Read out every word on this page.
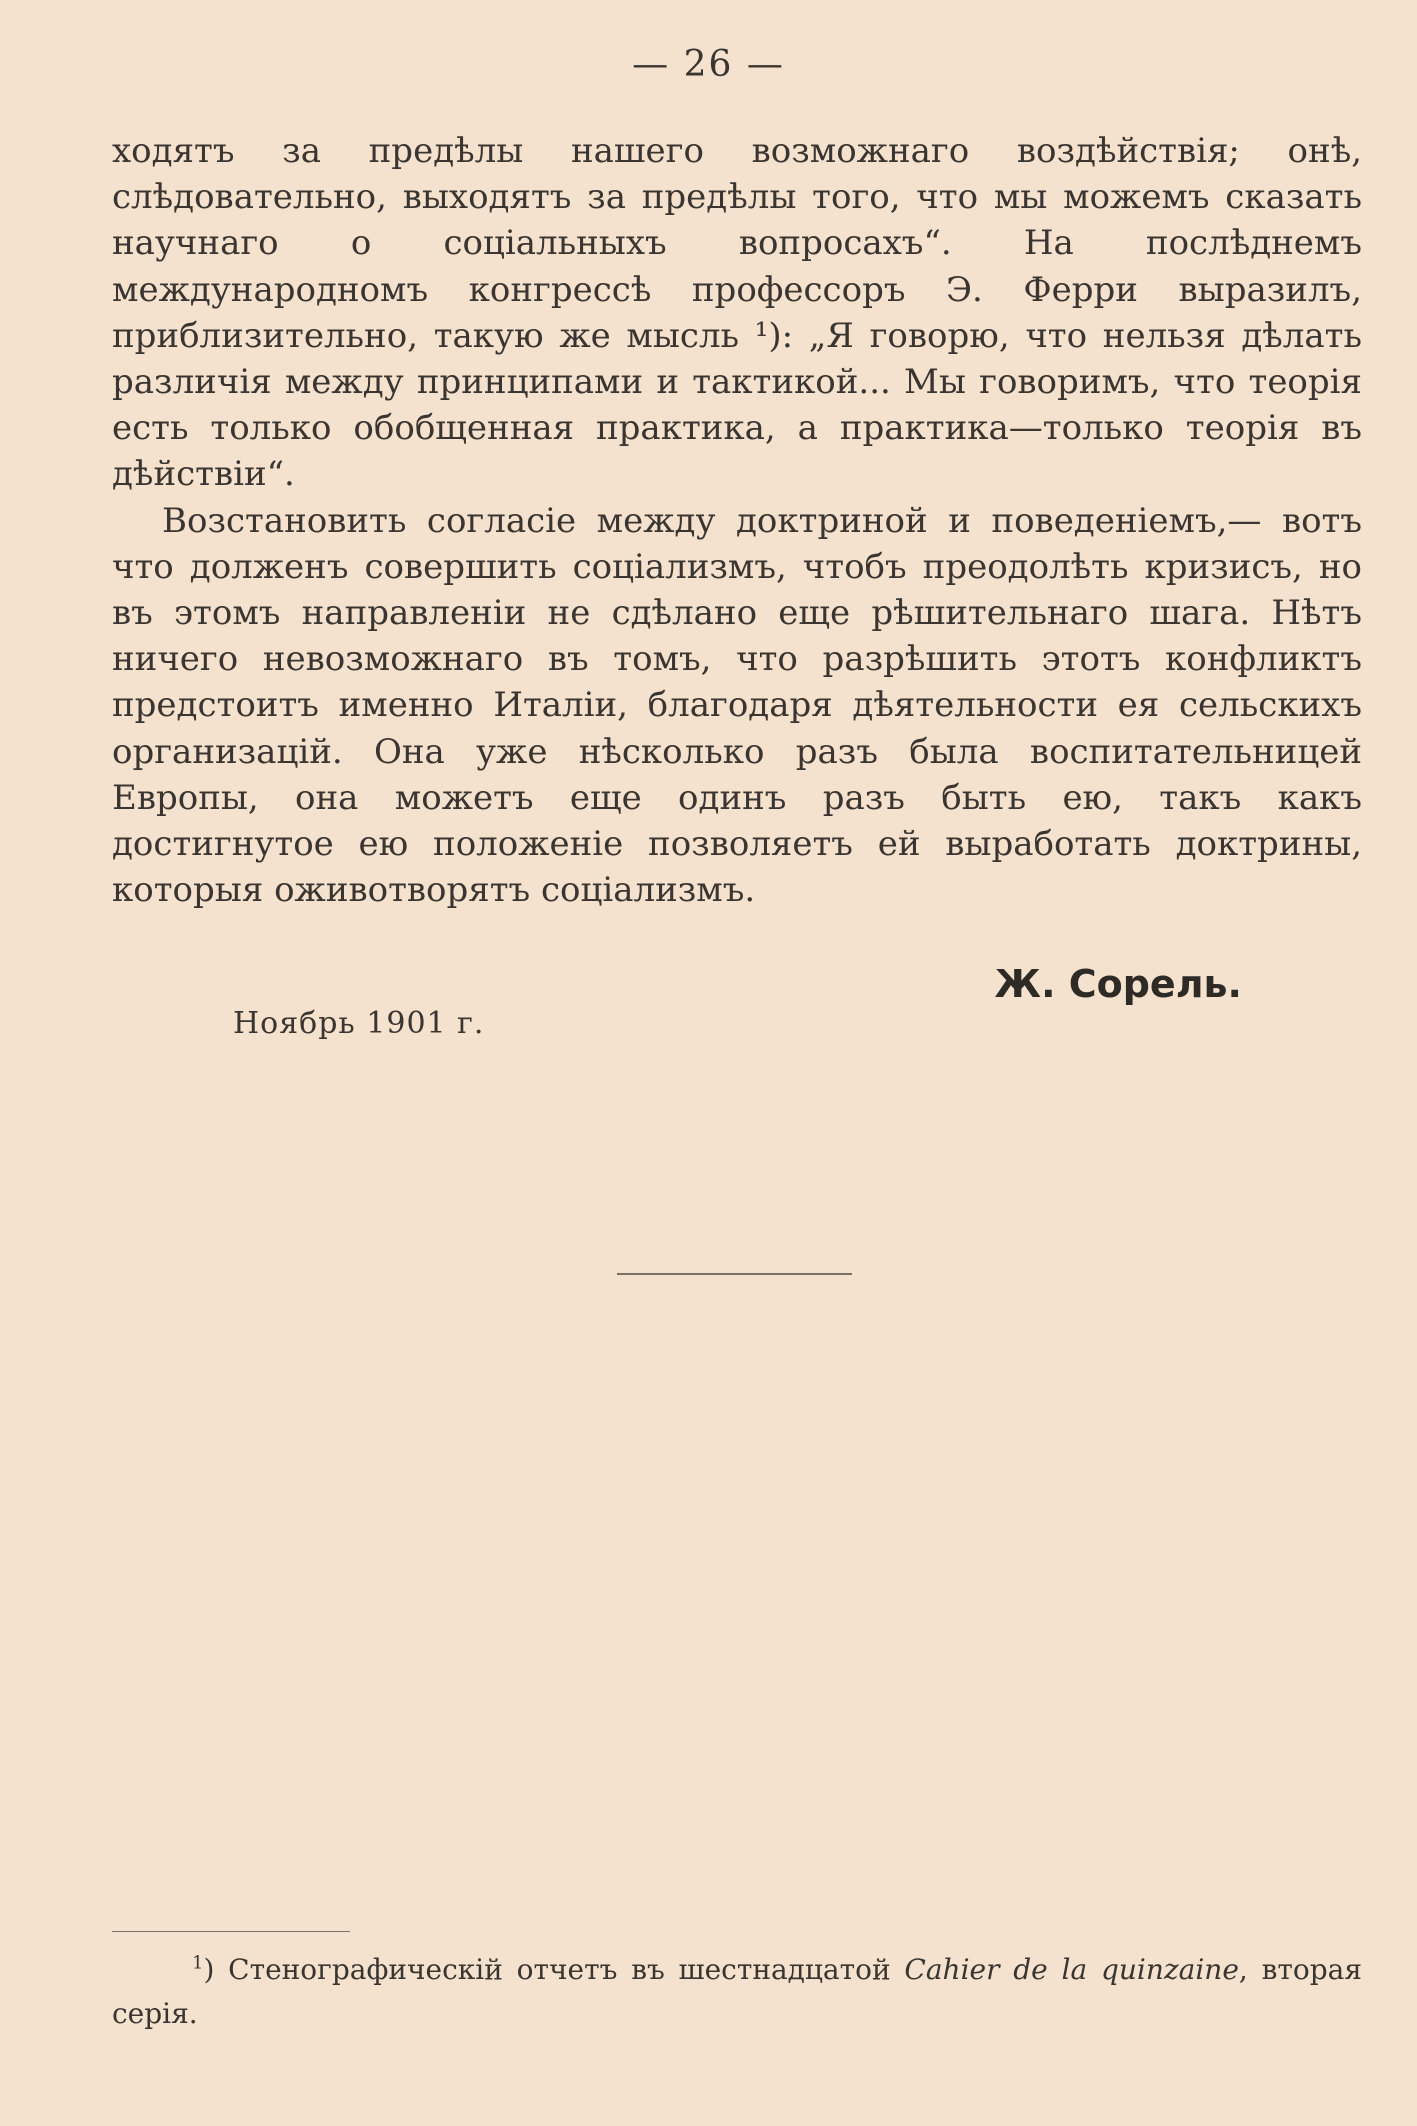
— 26 —

ходятъ за предѣлы нашего возможнаго воздѣйствія; онѣ, слѣдовательно, выходятъ за предѣлы того, что мы можемъ сказать научнаго о соціальныхъ вопросахъ“. На послѣднемъ международномъ конгрессѣ профессоръ Э. Ферри выразилъ, приблизительно, такую же мысль ¹): „Я говорю, что нельзя дѣлать различія между принципами и тактикой... Мы говоримъ, что теорія есть только обобщенная практика, а практика—только теорія въ дѣйствіи“.

Возстановить согласіе между доктриной и поведеніемъ,— вотъ что долженъ совершить соціализмъ, чтобъ преодолѣть кризисъ, но въ этомъ направленіи не сдѣлано еще рѣшительнаго шага. Нѣтъ ничего невозможнаго въ томъ, что разрѣшить этотъ конфликтъ предстоитъ именно Италіи, благодаря дѣятельности ея сельскихъ организацій. Она уже нѣсколько разъ была воспитательницей Европы, она можетъ еще одинъ разъ быть ею, такъ какъ достигнутое ею положеніе позволяетъ ей выработать доктрины, которыя оживотворятъ соціализмъ.

Ж. Сорель.
Ноябрь 1901 г.
$^1$) Стенографическій отчетъ въ шестнадцатой Cahier de la quinzaine, вторая серія.
